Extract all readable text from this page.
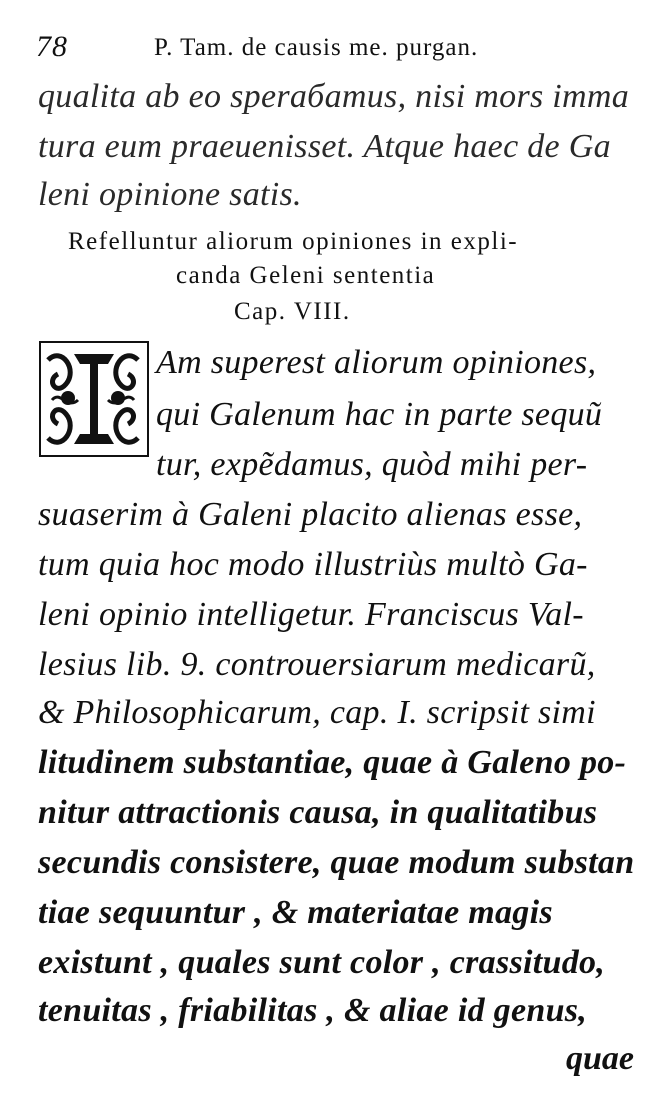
78	P. Tam. de causis me. purgan.
qualita ab eo speraбamus, nisi mors imma
tura eum praeuenisset. Atque haec de Ga
leni opinione satis.
Refelluntur aliorum opiniones in expli-
canda Geleni sententia
Cap. VIII.
Am superest aliorum opiniones,
qui Galenum hac in parte sequũ
tur, expẽdamus, quòd mihi per-
suaserim à Galeni placito alienas esse,
tum quia hoc modo illustriùs multò Ga-
leni opinio intelligetur. Franciscus Val-
lesius lib. 9. controuersiarum medicarũ,
& Philosophicarum, cap. I. scripsit simi
litudinem substantiae, quae à Galeno po-
nitur attractionis causa, in qualitatibus
secundis consistere, quae modum substan
tiae sequuntur , & materiatae magis
existunt , quales sunt color , crassitudo,
tenuitas , friabilitas , & aliae id genus,
quae
